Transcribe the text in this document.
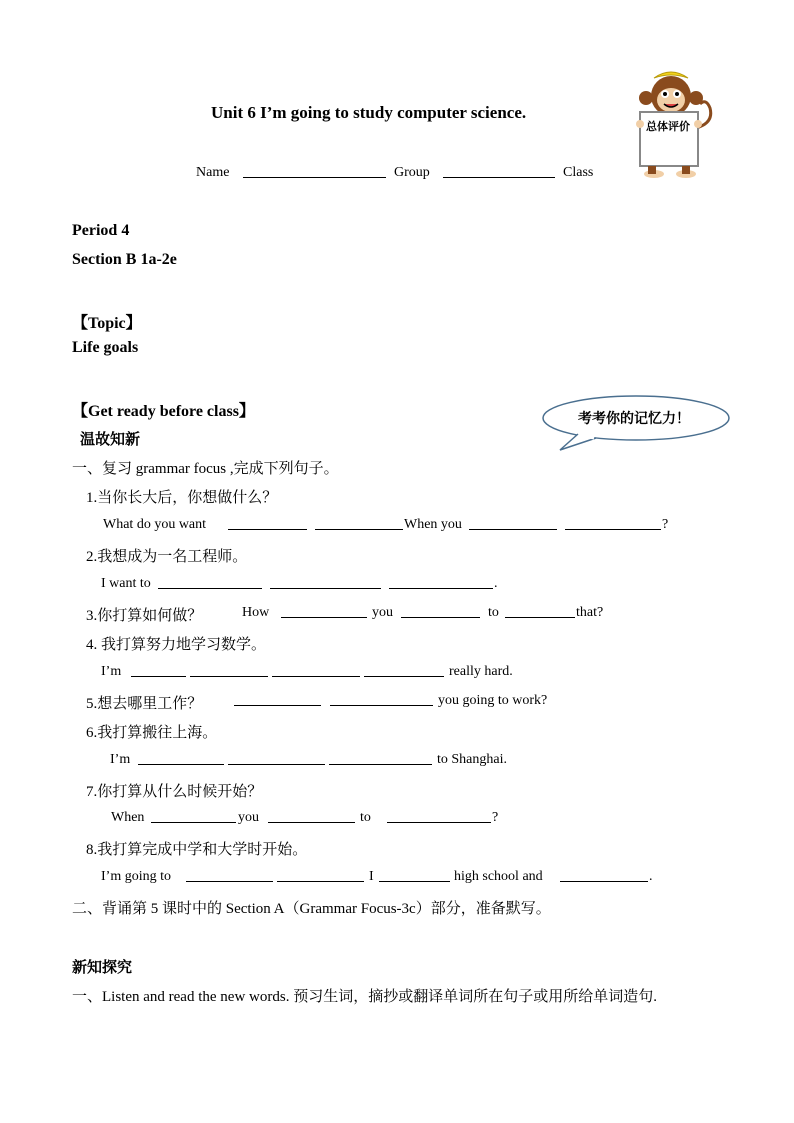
Unit 6 I’m going to study computer science.
Name	Group	Class
总体评价
Period 4
Section B 1a-2e
【Topic】
Life goals
【Get ready before class】	考考你的记忆力！
温故知新
一、复习 grammar focus ,完成下列句子。
1.当你长大后，你想做什么？
What do you want	When you	?
2.我想成为一名工程师。
I want to	.
3.你打算如何做？	How	you	to	that?
4. 我打算努力地学习数学。
I’m	really hard.
5.想去哪里工作？	you going to work?
6.我打算搬往上海。
I’m	to Shanghai.
7.你打算从什么时候开始？
When	you	to	?
8.我打算完成中学和大学时开始。
I’m going to	I	high school and	.
二、背诵第 5 课时中的 Section A（Grammar Focus-3c）部分，准备默写。
新知探究
一、Listen and read the new words. 预习生词，摘抄或翻译单词所在句子或用所给单词造句.
